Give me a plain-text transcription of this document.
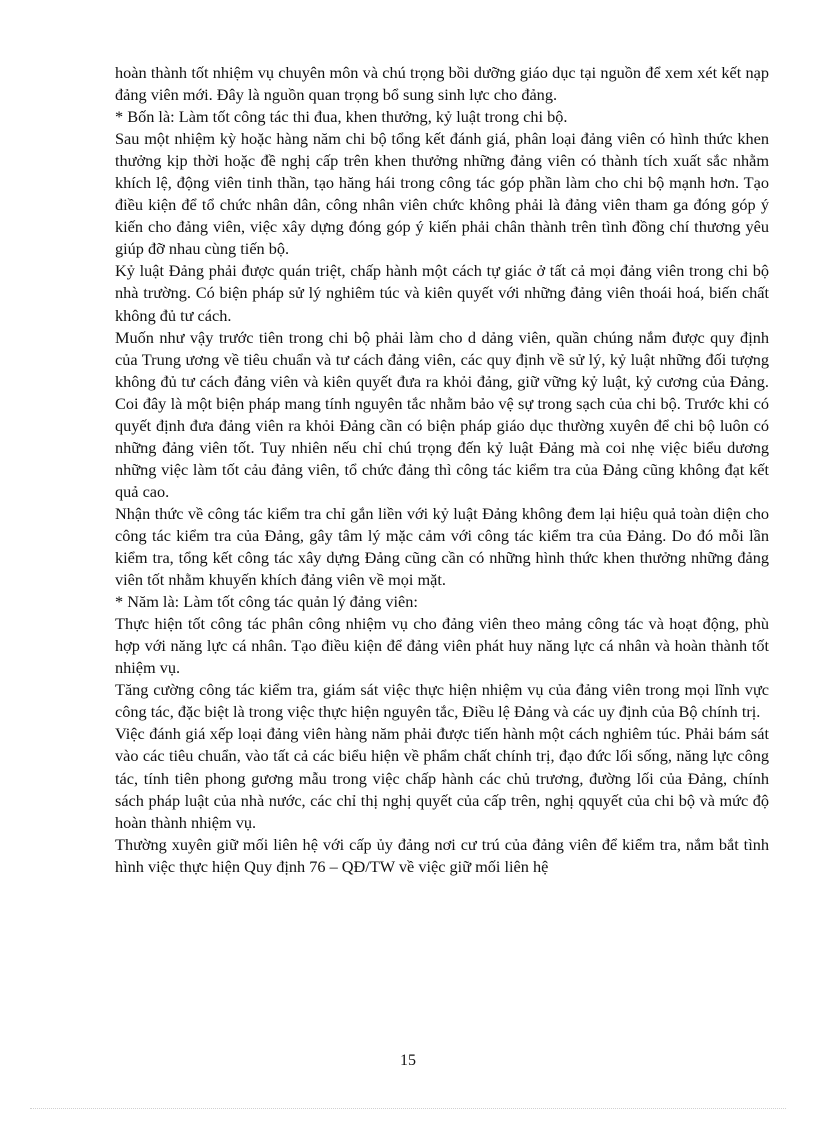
hoàn thành tốt nhiệm vụ chuyên môn và chú trọng bồi dưỡng giáo dục tại nguồn để xem xét kết nạp đảng viên mới. Đây là nguồn quan trọng bổ sung sinh lực cho đảng.

* Bốn là: Làm tốt công tác thi đua, khen thưởng, kỷ luật trong chi bộ.

Sau một nhiệm kỳ hoặc hàng năm chi bộ tổng kết đánh giá, phân loại đảng viên có hình thức khen thưởng kịp thời hoặc đề nghị cấp trên khen thưởng những đảng viên có thành tích xuất sắc nhằm khích lệ, động viên tinh thần, tạo hăng hái trong công tác góp phần làm cho chi bộ mạnh hơn. Tạo điều kiện để tổ chức nhân dân, công nhân viên chức không phải là đảng viên tham ga đóng góp ý kiến cho đảng viên, việc xây dựng đóng góp ý kiến phải chân thành trên tình đồng chí thương yêu giúp đỡ nhau cùng tiến bộ.

Kỷ luật Đảng phải được quán triệt, chấp hành một cách tự giác ở tất cả mọi đảng viên trong chi bộ nhà trường. Có biện pháp sử lý nghiêm túc và kiên quyết với những đảng viên thoái hoá, biến chất không đủ tư cách.

Muốn như vậy trước tiên trong chi bộ phải làm cho d dảng viên, quần chúng nắm được quy định của Trung ương về tiêu chuẩn và tư cách đảng viên, các quy định về sử lý, kỷ luật những đối tượng không đủ tư cách đảng viên và kiên quyết đưa ra khỏi đảng, giữ vững kỷ luật, kỷ cương của Đảng. Coi đây là một biện pháp mang tính nguyên tắc nhằm bảo vệ sự trong sạch của chi bộ. Trước khi có quyết định đưa đảng viên ra khỏi Đảng cần có biện pháp giáo dục thường xuyên để chi bộ luôn có những đảng viên tốt. Tuy nhiên nếu chỉ chú trọng đến kỷ luật Đảng mà coi nhẹ việc biểu dương những việc làm tốt cảu đảng viên, tổ chức đảng thì công tác kiểm tra của Đảng cũng không đạt kết quả cao.

Nhận thức về công tác kiểm tra chỉ gắn liền với kỷ luật Đảng không đem lại hiệu quả toàn diện cho công tác kiểm tra của Đảng, gây tâm lý mặc cảm với công tác kiểm tra của Đảng. Do đó mỗi lần kiểm tra, tổng kết công tác xây dựng Đảng cũng cần có những hình thức khen thưởng những đảng viên tốt nhằm khuyến khích đảng viên về mọi mặt.

* Năm là: Làm tốt công tác quản lý đảng viên:

Thực hiện tốt công tác phân công nhiệm vụ cho đảng viên theo mảng công tác và hoạt động, phù hợp với năng lực cá nhân. Tạo điều kiện để đảng viên phát huy năng lực cá nhân và hoàn thành tốt nhiệm vụ.

Tăng cường công tác kiểm tra, giám sát việc thực hiện nhiệm vụ của đảng viên trong mọi lĩnh vực công tác, đặc biệt là trong việc thực hiện nguyên tắc, Điều lệ Đảng và các uy định của Bộ chính trị.

Việc đánh giá xếp loại đảng viên hàng năm phải được tiến hành một cách nghiêm túc. Phải bám sát vào các tiêu chuẩn, vào tất cả các biểu hiện về phẩm chất chính trị, đạo đức lối sống, năng lực công tác, tính tiên phong gương mẫu trong việc chấp hành các chủ trương, đường lối của Đảng, chính sách pháp luật của nhà nước, các chỉ thị nghị quyết của cấp trên, nghị qquyết của chi bộ và mức độ hoàn thành nhiệm vụ.

Thường xuyên giữ mối liên hệ với cấp ủy đảng nơi cư trú của đảng viên để kiểm tra, nắm bắt tình hình việc thực hiện Quy định 76 – QĐ/TW về việc giữ mối liên hệ

15
